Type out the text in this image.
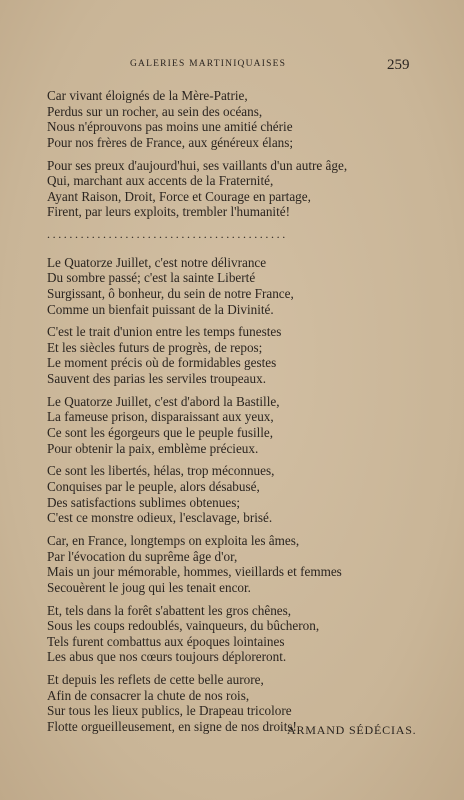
GALERIES MARTINIQUAISES	259
Car vivant éloignés de la Mère-Patrie,
Perdus sur un rocher, au sein des océans,
Nous n'éprouvons pas moins une amitié chérie
Pour nos frères de France, aux généreux élans;
Pour ses preux d'aujourd'hui, ses vaillants d'un autre âge,
Qui, marchant aux accents de la Fraternité,
Ayant Raison, Droit, Force et Courage en partage,
Firent, par leurs exploits, trembler l'humanité!
...........................................
Le Quatorze Juillet, c'est notre délivrance
Du sombre passé; c'est la sainte Liberté
Surgissant, ô bonheur, du sein de notre France,
Comme un bienfait puissant de la Divinité.
C'est le trait d'union entre les temps funestes
Et les siècles futurs de progrès, de repos;
Le moment précis où de formidables gestes
Sauvent des parias les serviles troupeaux.
Le Quatorze Juillet, c'est d'abord la Bastille,
La fameuse prison, disparaissant aux yeux,
Ce sont les égorgeurs que le peuple fusille,
Pour obtenir la paix, emblème précieux.
Ce sont les libertés, hélas, trop méconnues,
Conquises par le peuple, alors désabusé,
Des satisfactions sublimes obtenues;
C'est ce monstre odieux, l'esclavage, brisé.
Car, en France, longtemps on exploita les âmes,
Par l'évocation du suprême âge d'or,
Mais un jour mémorable, hommes, vieillards et femmes
Secouèrent le joug qui les tenait encor.
Et, tels dans la forêt s'abattent les gros chênes,
Sous les coups redoublés, vainqueurs, du bûcheron,
Tels furent combattus aux époques lointaines
Les abus que nos cœurs toujours déploreront.
Et depuis les reflets de cette belle aurore,
Afin de consacrer la chute de nos rois,
Sur tous les lieux publics, le Drapeau tricolore
Flotte orgueilleusement, en signe de nos droits!
ARMAND SÉDÉCIAS.
